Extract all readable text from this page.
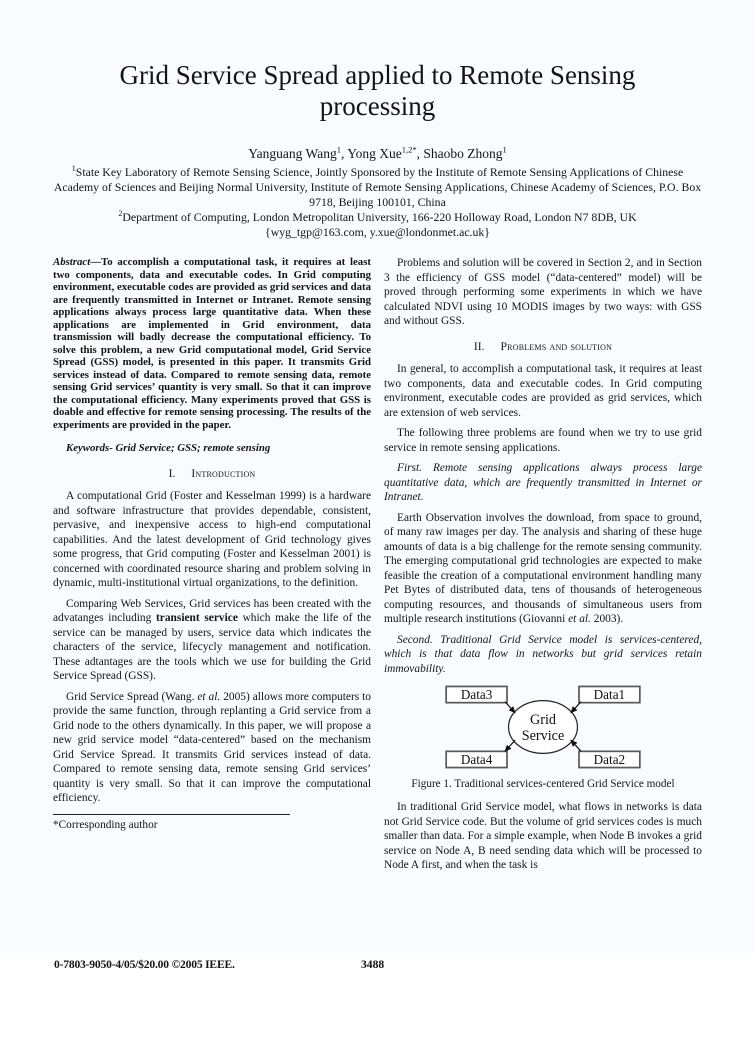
Grid Service Spread applied to Remote Sensing processing
Yanguang Wang$^1$, Yong Xue$^{1,2*}$, Shaobo Zhong$^1$
$^1$State Key Laboratory of Remote Sensing Science, Jointly Sponsored by the Institute of Remote Sensing Applications of Chinese Academy of Sciences and Beijing Normal University, Institute of Remote Sensing Applications, Chinese Academy of Sciences, P.O. Box 9718, Beijing 100101, China
$^2$Department of Computing, London Metropolitan University, 166-220 Holloway Road, London N7 8DB, UK
{wyg_tgp@163.com, y.xue@londonmet.ac.uk}

Abstract—To accomplish a computational task, it requires at least two components, data and executable codes. In Grid computing environment, executable codes are provided as grid services and data are frequently transmitted in Internet or Intranet. Remote sensing applications always process large quantitative data. When these applications are implemented in Grid environment, data transmission will badly decrease the computational efficiency. To solve this problem, a new Grid computational model, Grid Service Spread (GSS) model, is presented in this paper. It transmits Grid services instead of data. Compared to remote sensing data, remote sensing Grid services’ quantity is very small. So that it can improve the computational efficiency. Many experiments proved that GSS is doable and effective for remote sensing processing. The results of the experiments are provided in the paper.

Keywords- Grid Service; GSS; remote sensing

I. Introduction

A computational Grid (Foster and Kesselman 1999) is a hardware and software infrastructure that provides dependable, consistent, pervasive, and inexpensive access to high-end computational capabilities. And the latest development of Grid technology gives some progress, that Grid computing (Foster and Kesselman 2001) is concerned with coordinated resource sharing and problem solving in dynamic, multi-institutional virtual organizations, to the definition.

Comparing Web Services, Grid services has been created with the advatanges including transient service which make the life of the service can be managed by users, service data which indicates the characters of the service, lifecycly management and notification. These adtantages are the tools which we use for building the Grid Service Spread (GSS).

Grid Service Spread (Wang. et al. 2005) allows more computers to provide the same function, through replanting a Grid service from a Grid node to the others dynamically. In this paper, we will propose a new grid service model “data-centered” based on the mechanism Grid Service Spread. It transmits Grid services instead of data. Compared to remote sensing data, remote sensing Grid services’ quantity is very small. So that it can improve the computational efficiency.

*Corresponding author

Problems and solution will be covered in Section 2, and in Section 3 the efficiency of GSS model (“data-centered” model) will be proved through performing some experiments in which we have calculated NDVI using 10 MODIS images by two ways: with GSS and without GSS.

II. Problems and solution

In general, to accomplish a computational task, it requires at least two components, data and executable codes. In Grid computing environment, executable codes are provided as grid services, which are extension of web services.

The following three problems are found when we try to use grid service in remote sensing applications.

First. Remote sensing applications always process large quantitative data, which are frequently transmitted in Internet or Intranet.

Earth Observation involves the download, from space to ground, of many raw images per day. The analysis and sharing of these huge amounts of data is a big challenge for the remote sensing community. The emerging computational grid technologies are expected to make feasible the creation of a computational environment handling many Pet Bytes of distributed data, tens of thousands of heterogeneous computing resources, and thousands of simultaneous users from multiple research institutions (Giovanni et al. 2003).

Second. Traditional Grid Service model is services-centered, which is that data flow in networks but grid services retain immovability.

Data3	Data1
Data4	Data2
Grid
Service
Figure 1. Traditional services-centered Grid Service model

In traditional Grid Service model, what flows in networks is data not Grid Service code. But the volume of grid services codes is much smaller than data. For a simple example, when Node B invokes a grid service on Node A, B need sending data which will be processed to Node A first, and when the task is

0-7803-9050-4/05/$20.00 ©2005 IEEE.	3488
